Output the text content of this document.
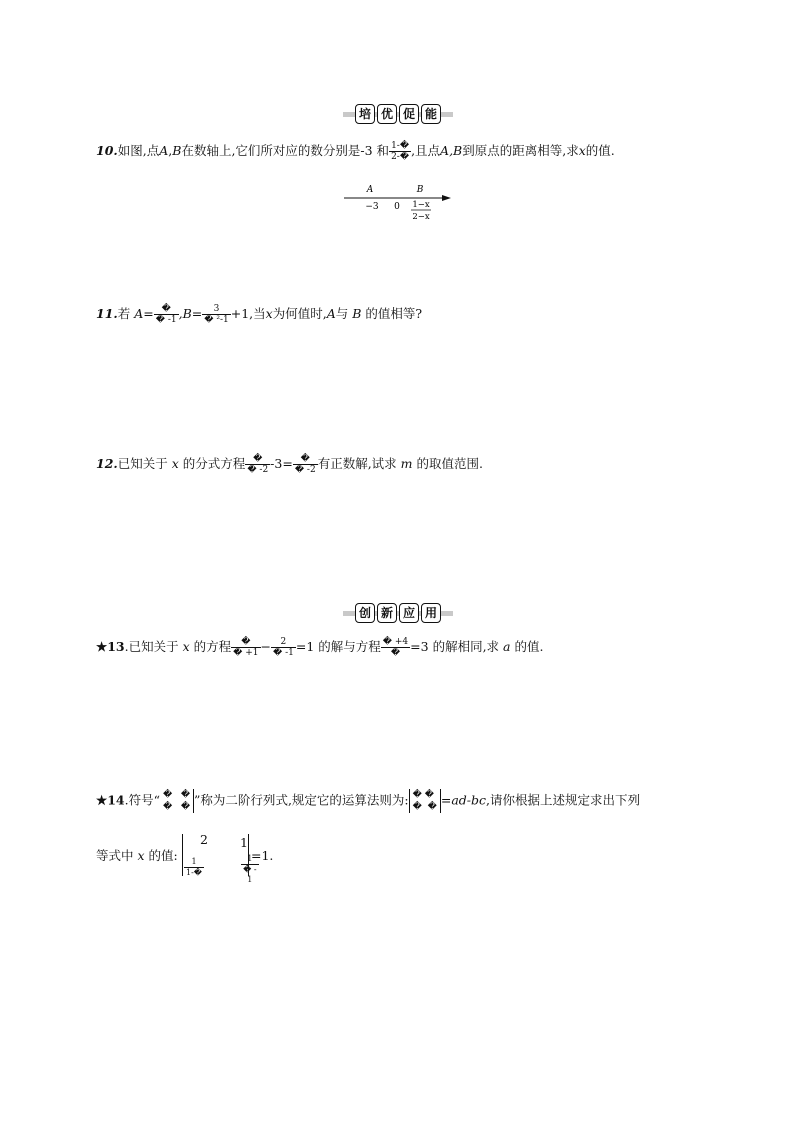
培 优 促 能
10.如图,点A,B在数轴上,它们所对应的数分别是-3 和 $\frac{1-�}{2-�}$ ,且点A,B到原点的距离相等,求x的值.
A	B
−3 0 1−x
2−x
11.若 $A= \frac{�}{� -1} ,B= \frac{3}{\text{� ²-1}} +1$,当x为何值时,A与 B 的值相等?
12.已知关于 x 的分式方程 $\frac{�}{� -2} -3= \frac{�}{� -2}$ 有正数解,试求 m 的取值范围.
创 新 应 用
★13.已知关于 x 的方程 $\frac{�}{� +1} - \frac{2}{� -1} =1$ 的解与方程 $\frac{� +4}{�} =3$ 的解相同,求 a 的值.
★14.符号“ � �
� � ”称为二阶行列式,规定它的运算法则为: � �
� � =ad-bc,请你根据上述规定求出下列
等式中 x 的值:
2	1
$\frac{1}{1-�}$
	1
� -
1
=1.
